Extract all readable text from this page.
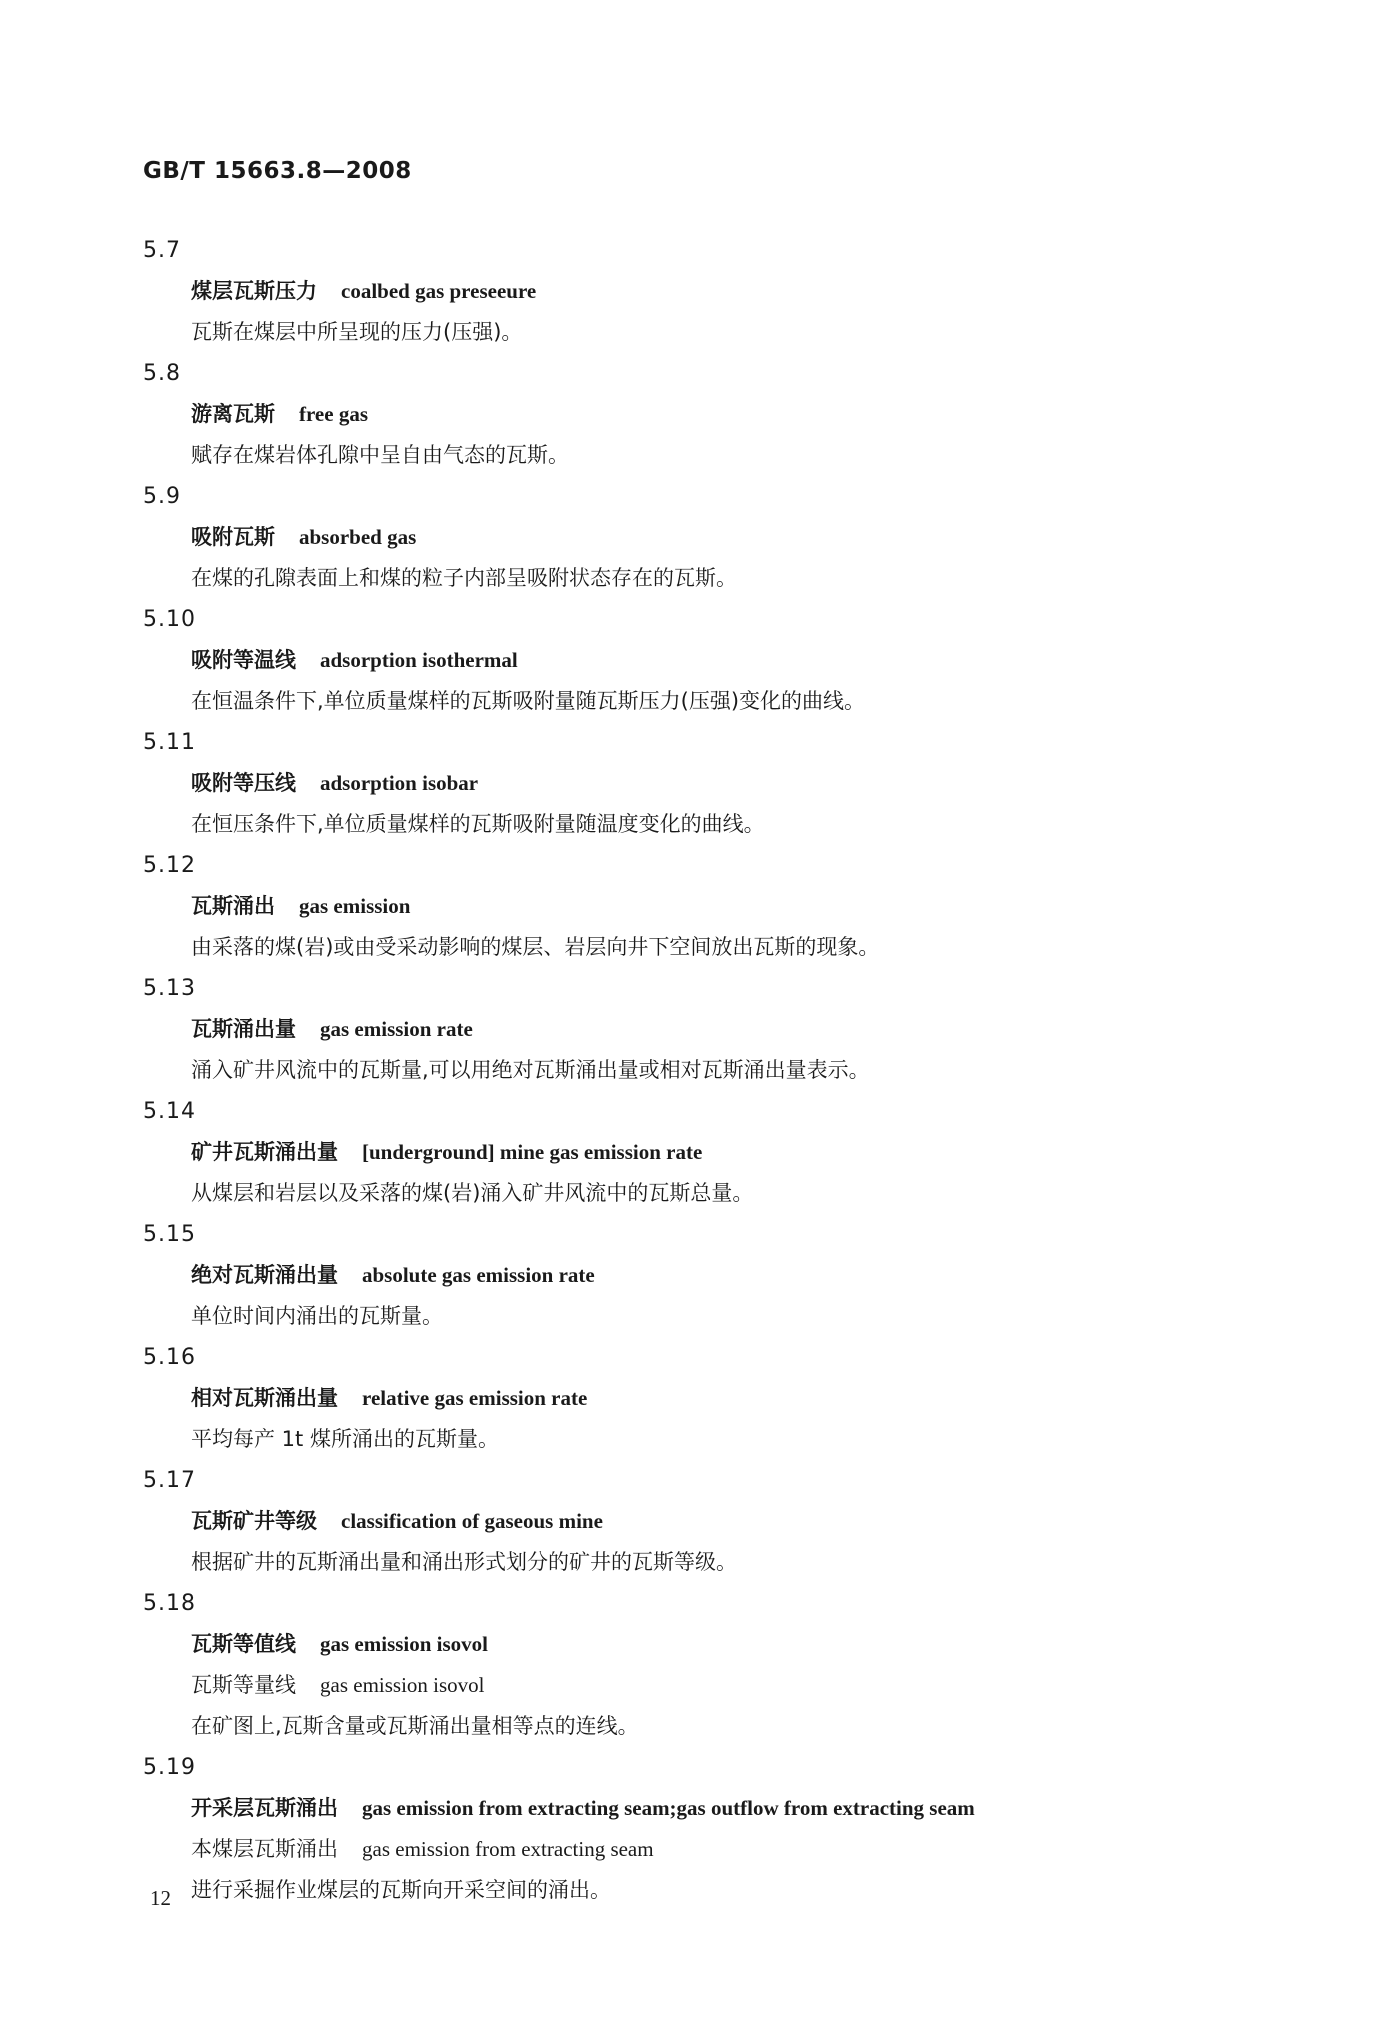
GB/T 15663.8—2008
5.7
煤层瓦斯压力 coalbed gas preseeure
瓦斯在煤层中所呈现的压力(压强)。
5.8
游离瓦斯 free gas
赋存在煤岩体孔隙中呈自由气态的瓦斯。
5.9
吸附瓦斯 absorbed gas
在煤的孔隙表面上和煤的粒子内部呈吸附状态存在的瓦斯。
5.10
吸附等温线 adsorption isothermal
在恒温条件下,单位质量煤样的瓦斯吸附量随瓦斯压力(压强)变化的曲线。
5.11
吸附等压线 adsorption isobar
在恒压条件下,单位质量煤样的瓦斯吸附量随温度变化的曲线。
5.12
瓦斯涌出 gas emission
由采落的煤(岩)或由受采动影响的煤层、岩层向井下空间放出瓦斯的现象。
5.13
瓦斯涌出量 gas emission rate
涌入矿井风流中的瓦斯量,可以用绝对瓦斯涌出量或相对瓦斯涌出量表示。
5.14
矿井瓦斯涌出量 [underground] mine gas emission rate
从煤层和岩层以及采落的煤(岩)涌入矿井风流中的瓦斯总量。
5.15
绝对瓦斯涌出量 absolute gas emission rate
单位时间内涌出的瓦斯量。
5.16
相对瓦斯涌出量 relative gas emission rate
平均每产 1t 煤所涌出的瓦斯量。
5.17
瓦斯矿井等级 classification of gaseous mine
根据矿井的瓦斯涌出量和涌出形式划分的矿井的瓦斯等级。
5.18
瓦斯等值线 gas emission isovol
瓦斯等量线 gas emission isovol
在矿图上,瓦斯含量或瓦斯涌出量相等点的连线。
5.19
开采层瓦斯涌出 gas emission from extracting seam;gas outflow from extracting seam
本煤层瓦斯涌出 gas emission from extracting seam
进行采掘作业煤层的瓦斯向开采空间的涌出。
12
